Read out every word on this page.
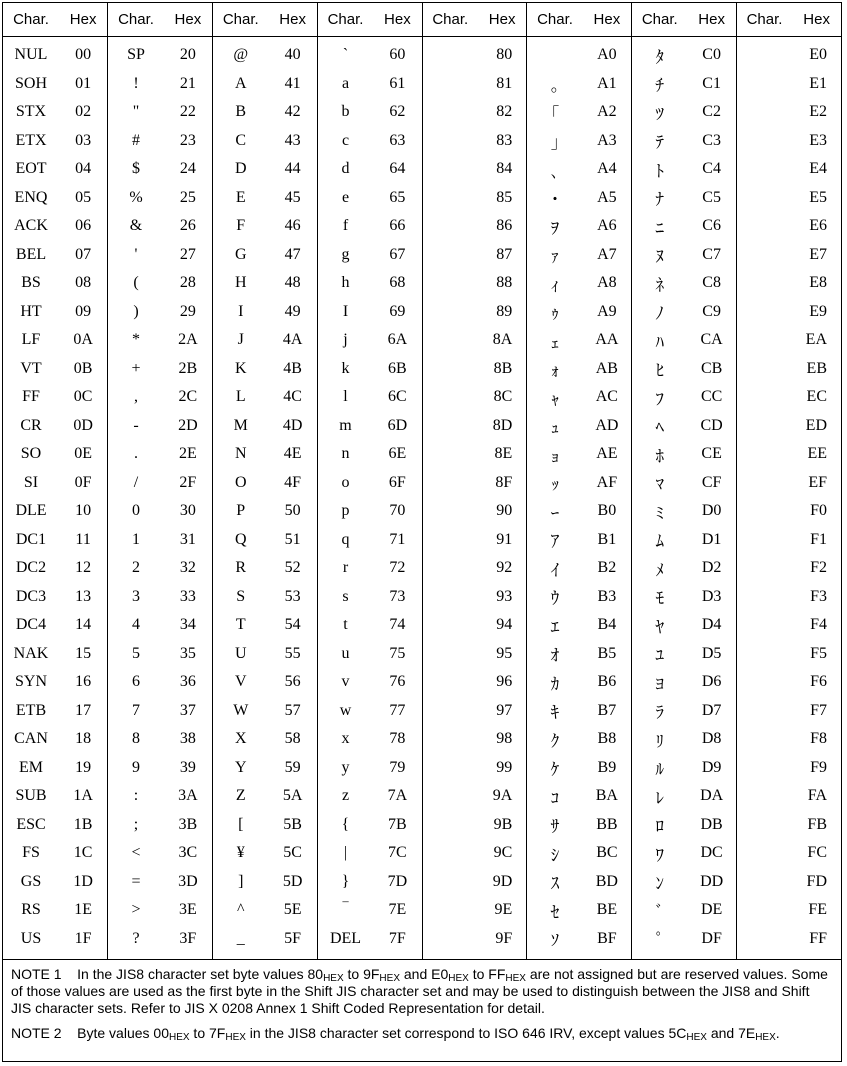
Char.	Hex	Char.	Hex	Char.	Hex	Char.	Hex	Char.	Hex	Char.	Hex	Char.	Hex	Char.	Hex
NUL	00	SP	20	@	40	`	60		80		A0	ﾀ	C0		E0
SOH	01	!	21	A	41	a	61		81	｡	A1	ﾁ	C1		E1
STX	02	"	22	B	42	b	62		82	｢	A2	ﾂ	C2		E2
ETX	03	#	23	C	43	c	63		83	｣	A3	ﾃ	C3		E3
EOT	04	$	24	D	44	d	64		84	､	A4	ﾄ	C4		E4
ENQ	05	%	25	E	45	e	65		85	･	A5	ﾅ	C5		E5
ACK	06	&	26	F	46	f	66		86	ｦ	A6	ﾆ	C6		E6
BEL	07	'	27	G	47	g	67		87	ｧ	A7	ﾇ	C7		E7
BS	08	(	28	H	48	h	68		88	ｨ	A8	ﾈ	C8		E8
HT	09	)	29	I	49	I	69		89	ｩ	A9	ﾉ	C9		E9
LF	0A	*	2A	J	4A	j	6A		8A	ｪ	AA	ﾊ	CA		EA
VT	0B	+	2B	K	4B	k	6B		8B	ｫ	AB	ﾋ	CB		EB
FF	0C	,	2C	L	4C	l	6C		8C	ｬ	AC	ﾌ	CC		EC
CR	0D	-	2D	M	4D	m	6D		8D	ｭ	AD	ﾍ	CD		ED
SO	0E	.	2E	N	4E	n	6E		8E	ｮ	AE	ﾎ	CE		EE
SI	0F	/	2F	O	4F	o	6F		8F	ｯ	AF	ﾏ	CF		EF
DLE	10	0	30	P	50	p	70		90	ｰ	B0	ﾐ	D0		F0
DC1	11	1	31	Q	51	q	71		91	ｱ	B1	ﾑ	D1		F1
DC2	12	2	32	R	52	r	72		92	ｲ	B2	ﾒ	D2		F2
DC3	13	3	33	S	53	s	73		93	ｳ	B3	ﾓ	D3		F3
DC4	14	4	34	T	54	t	74		94	ｴ	B4	ﾔ	D4		F4
NAK	15	5	35	U	55	u	75		95	ｵ	B5	ﾕ	D5		F5
SYN	16	6	36	V	56	v	76		96	ｶ	B6	ﾖ	D6		F6
ETB	17	7	37	W	57	w	77		97	ｷ	B7	ﾗ	D7		F7
CAN	18	8	38	X	58	x	78		98	ｸ	B8	ﾘ	D8		F8
EM	19	9	39	Y	59	y	79		99	ｹ	B9	ﾙ	D9		F9
SUB	1A	:	3A	Z	5A	z	7A		9A	ｺ	BA	ﾚ	DA		FA
ESC	1B	;	3B	[	5B	{	7B		9B	ｻ	BB	ﾛ	DB		FB
FS	1C	<	3C	¥	5C	|	7C		9C	ｼ	BC	ﾜ	DC		FC
GS	1D	=	3D	]	5D	}	7D		9D	ｽ	BD	ﾝ	DD		FD
RS	1E	>	3E	^	5E	‾	7E		9E	ｾ	BE	ﾞ	DE		FE
US	1F	?	3F	_	5F	DEL	7F		9F	ｿ	BF	ﾟ	DF		FF

NOTE 1 In the JIS8 character set byte values $80_{HEX}$ to $9F_{HEX}$ and $E0_{HEX}$ to $FF_{HEX}$ are not assigned but are reserved values. Some of those values are used as the first byte in the Shift JIS character set and may be used to distinguish between the JIS8 and Shift JIS character sets. Refer to JIS X 0208 Annex 1 Shift Coded Representation for detail.

NOTE 2 Byte values $00_{HEX}$ to $7F_{HEX}$ in the JIS8 character set correspond to ISO 646 IRV, except values $5C_{HEX}$ and $7E_{HEX}$.
